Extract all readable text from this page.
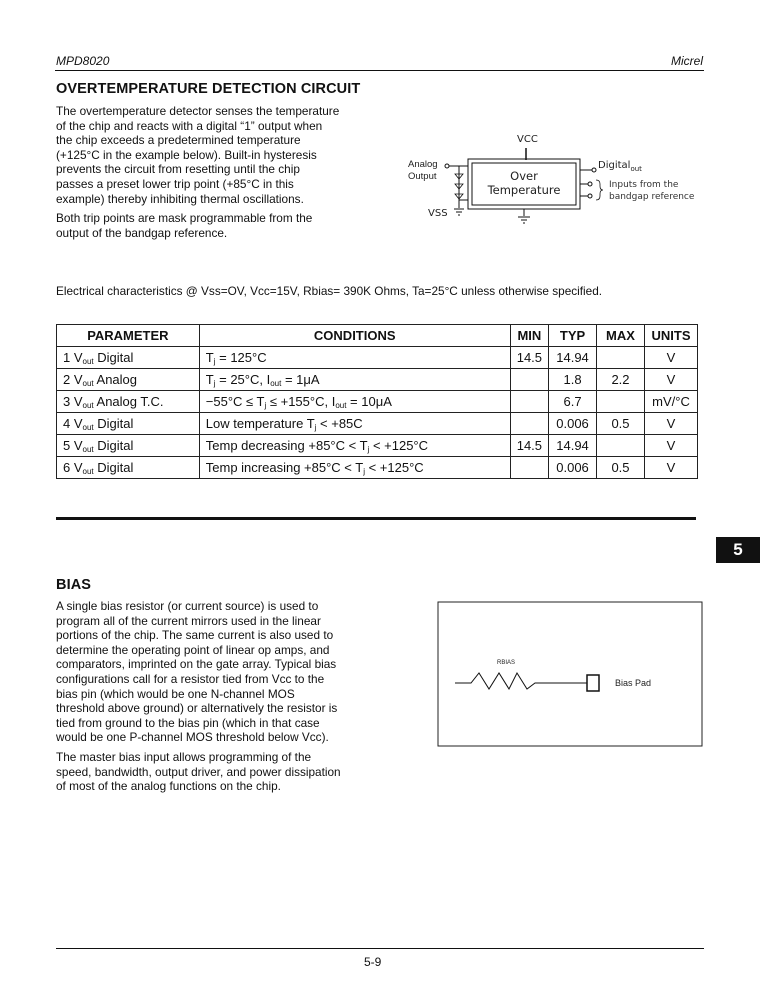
MPD8020	Micrel
OVERTEMPERATURE DETECTION CIRCUIT

The overtemperature detector senses the temperature
of the chip and reacts with a digital “1” output when
the chip exceeds a predetermined temperature
(+125°C in the example below). Built-in hysteresis
prevents the circuit from resetting until the chip
passes a preset lower trip point (+85°C in this
example) thereby inhibiting thermal oscillations.

Both trip points are mask programmable from the
output of the bandgap reference.

VCC
Over
Temperature
Analog
Output
VSS
Digital$_{out}$
Inputs from the
bandgap reference
Electrical characteristics @ Vss=OV, Vcc=15V, Rbias= 390K Ohms, Ta=25°C unless otherwise specified.
PARAMETER	CONDITIONS	MIN	TYP	MAX	UNITS
1 $V_{out}$ Digital	$T_j = 125^\circ C$	14.5	14.94		V
2 $V_{out}$ Analog	$T_j = 25^\circ C$, $I_{out} = 1\mu A$		1.8	2.2	V
3 $V_{out}$ Analog T.C.	$-55^\circ C \le T_j \le +155^\circ C$, $I_{out} = 10\mu A$		6.7		mV/°C
4 $V_{out}$ Digital	Low temperature $T_j < +85C$		0.006	0.5	V
5 $V_{out}$ Digital	Temp decreasing $+85^\circ C < T_j < +125^\circ C$	14.5	14.94		V
6 $V_{out}$ Digital	Temp increasing $+85^\circ C < T_j < +125^\circ C$		0.006	0.5	V
5
BIAS

A single bias resistor (or current source) is used to
program all of the current mirrors used in the linear
portions of the chip. The same current is also used to
determine the operating point of linear op amps, and
comparators, imprinted on the gate array. Typical bias
configurations call for a resistor tied from Vcc to the
bias pin (which would be one N-channel MOS
threshold above ground) or alternatively the resistor is
tied from ground to the bias pin (which in that case
would be one P-channel MOS threshold below Vcc).

The master bias input allows programming of the
speed, bandwidth, output driver, and power dissipation
of most of the analog functions on the chip.

RBIAS
Bias Pad
5-9
